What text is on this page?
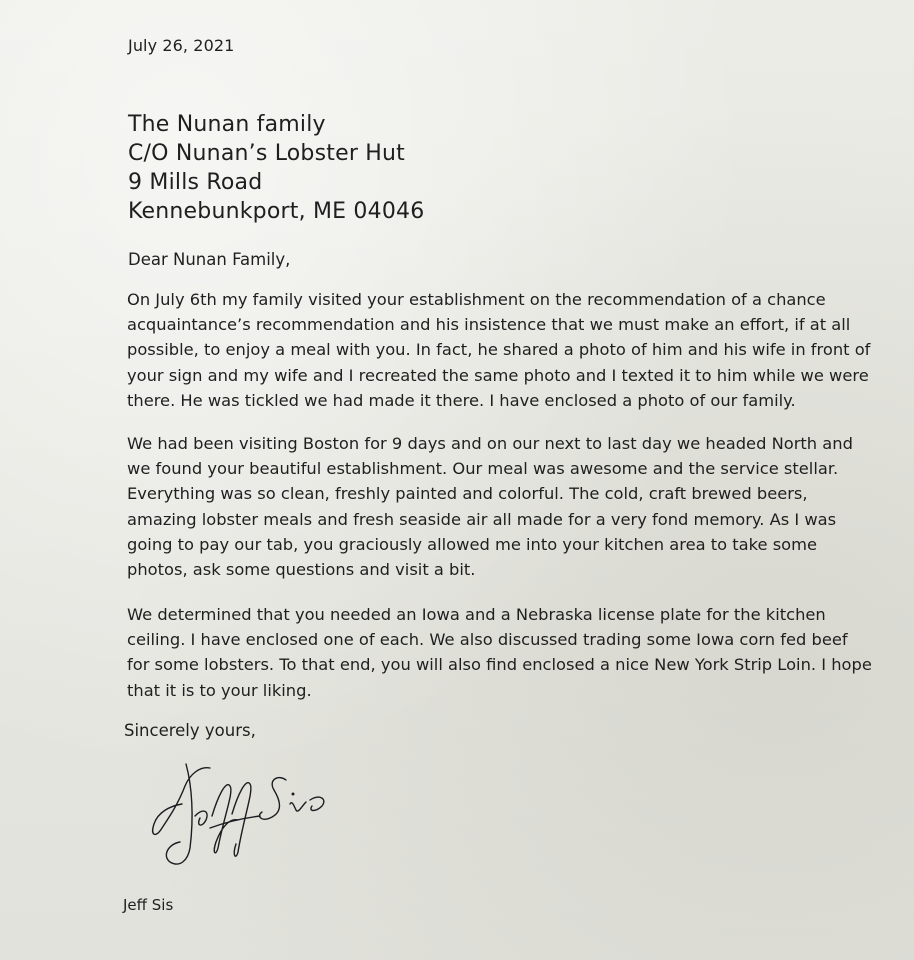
July 26, 2021
The Nunan family
C/O Nunan’s Lobster Hut
9 Mills Road
Kennebunkport, ME 04046
Dear Nunan Family,

On July 6th my family visited your establishment on the recommendation of a chance acquaintance’s recommendation and his insistence that we must make an effort, if at all possible, to enjoy a meal with you. In fact, he shared a photo of him and his wife in front of your sign and my wife and I recreated the same photo and I texted it to him while we were there. He was tickled we had made it there. I have enclosed a photo of our family.

We had been visiting Boston for 9 days and on our next to last day we headed North and we found your beautiful establishment. Our meal was awesome and the service stellar. Everything was so clean, freshly painted and colorful. The cold, craft brewed beers, amazing lobster meals and fresh seaside air all made for a very fond memory. As I was going to pay our tab, you graciously allowed me into your kitchen area to take some photos, ask some questions and visit a bit.

We determined that you needed an Iowa and a Nebraska license plate for the kitchen ceiling. I have enclosed one of each. We also discussed trading some Iowa corn fed beef for some lobsters. To that end, you will also find enclosed a nice New York Strip Loin. I hope that it is to your liking.

Sincerely yours,
Jeff Sis
